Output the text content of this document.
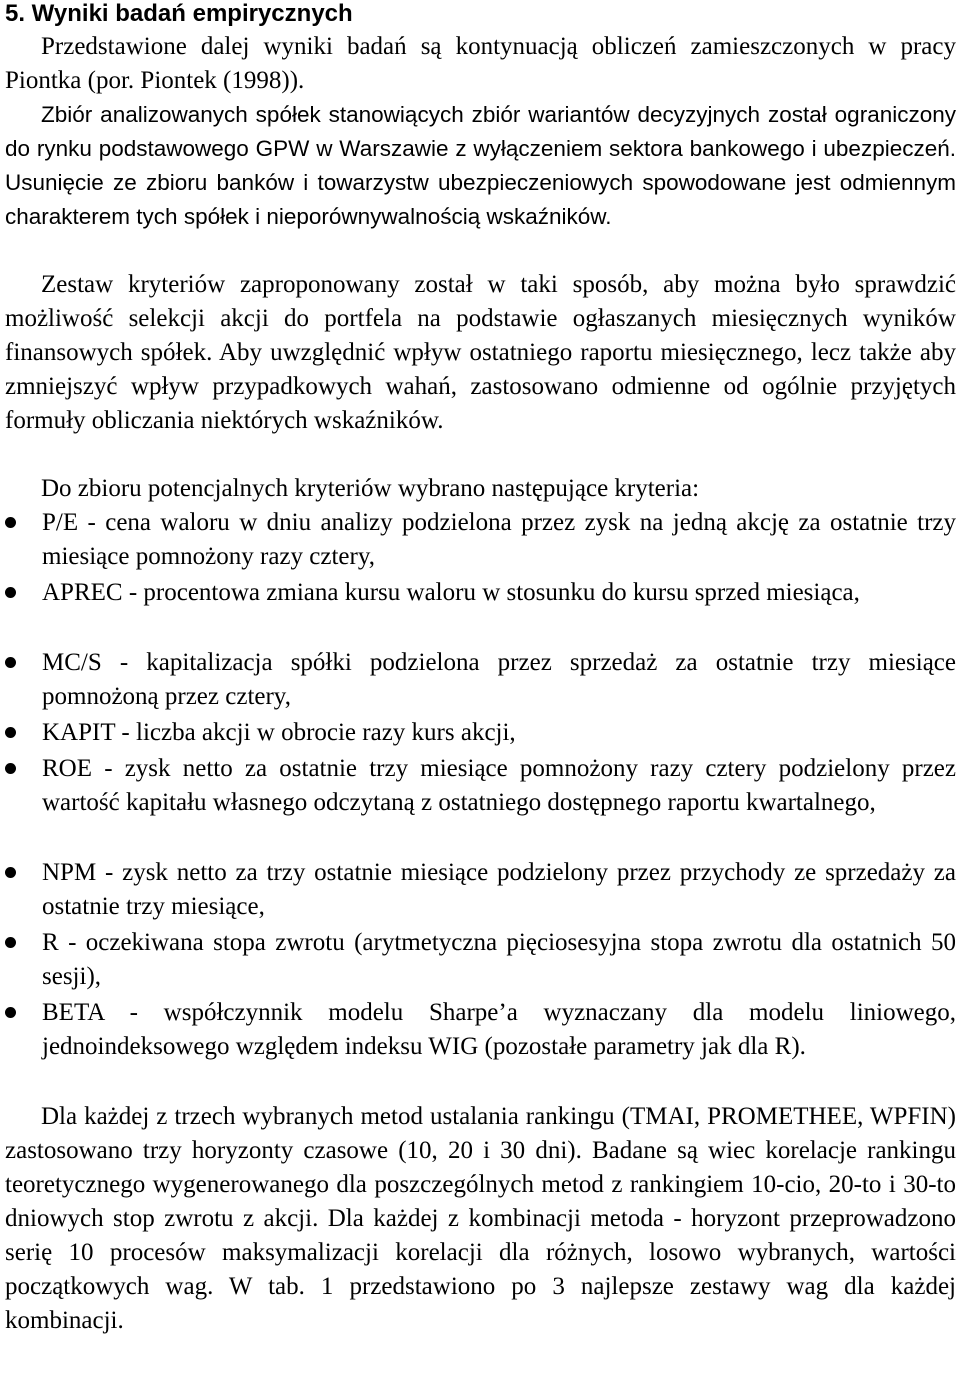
5. Wyniki badań empirycznych
Przedstawione dalej wyniki badań są kontynuacją obliczeń zamieszczonych w pracy Piontka (por. Piontek (1998)).
Zbiór analizowanych spółek stanowiących zbiór wariantów decyzyjnych został ograniczony do rynku podstawowego GPW w Warszawie z wyłączeniem sektora bankowego i ubezpieczeń. Usunięcie ze zbioru banków i towarzystw ubezpieczeniowych spowodowane jest odmiennym charakterem tych spółek i nieporównywalnością wskaźników.
Zestaw kryteriów zaproponowany został w taki sposób, aby można było sprawdzić możliwość selekcji akcji do portfela na podstawie ogłaszanych miesięcznych wyników finansowych spółek. Aby uwzględnić wpływ ostatniego raportu miesięcznego, lecz także aby zmniejszyć wpływ przypadkowych wahań, zastosowano odmienne od ogólnie przyjętych formuły obliczania niektórych wskaźników.
Do zbioru potencjalnych kryteriów wybrano następujące kryteria:
P/E - cena waloru w dniu analizy podzielona przez zysk na jedną akcję za ostatnie trzy miesiące pomnożony razy cztery,
APREC - procentowa zmiana kursu waloru w stosunku do kursu sprzed miesiąca,
MC/S - kapitalizacja spółki podzielona przez sprzedaż za ostatnie trzy miesiące pomnożoną przez cztery,
KAPIT - liczba akcji w obrocie razy kurs akcji,
ROE - zysk netto za ostatnie trzy miesiące pomnożony razy cztery podzielony przez wartość kapitału własnego odczytaną z ostatniego dostępnego raportu kwartalnego,
NPM - zysk netto za trzy ostatnie miesiące podzielony przez przychody ze sprzedaży za ostatnie trzy miesiące,
R - oczekiwana stopa zwrotu (arytmetyczna pięciosesyjna stopa zwrotu dla ostatnich 50 sesji),
BETA - współczynnik modelu Sharpe’a wyznaczany dla modelu liniowego, jednoindeksowego względem indeksu WIG (pozostałe parametry jak dla R).
Dla każdej z trzech wybranych metod ustalania rankingu (TMAI, PROMETHEE, WPFIN) zastosowano trzy horyzonty czasowe (10, 20 i 30 dni). Badane są wiec korelacje rankingu teoretycznego wygenerowanego dla poszczególnych metod z rankingiem 10-cio, 20-to i 30-to dniowych stop zwrotu z akcji. Dla każdej z kombinacji metoda - horyzont przeprowadzono serię 10 procesów maksymalizacji korelacji dla różnych, losowo wybranych, wartości początkowych wag. W tab. 1 przedstawiono po 3 najlepsze zestawy wag dla każdej kombinacji.
